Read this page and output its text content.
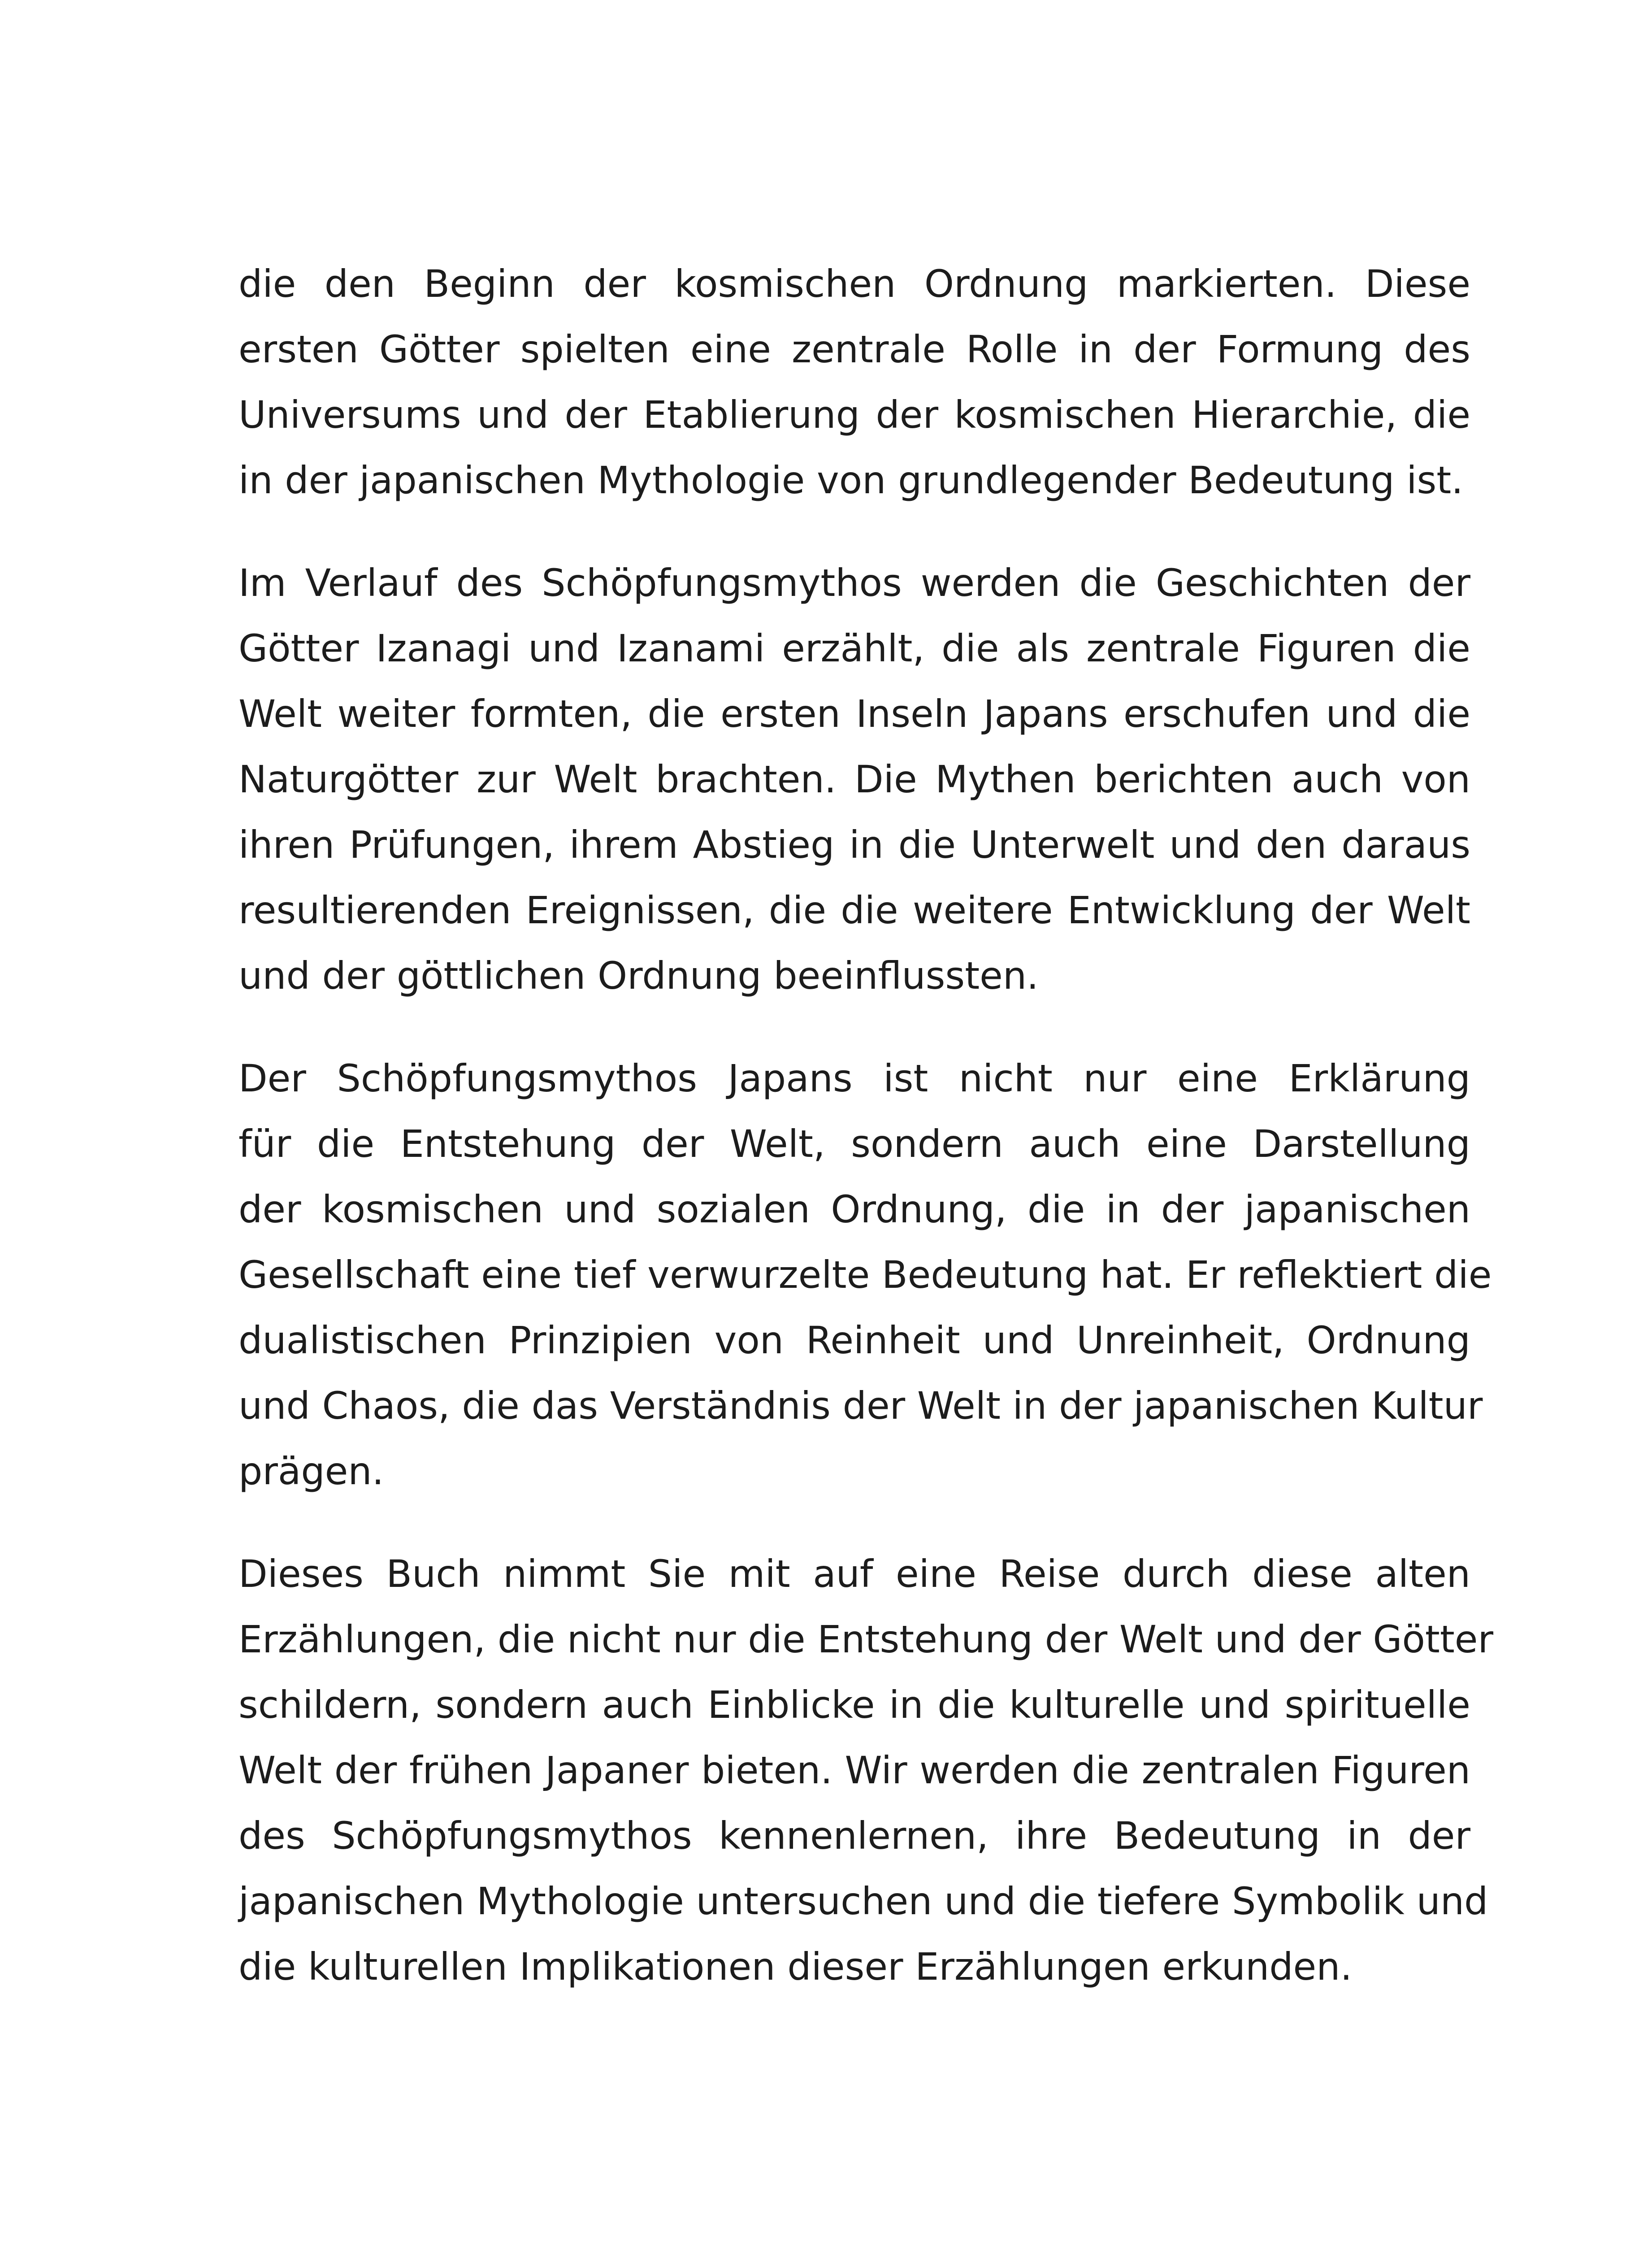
die den Beginn der kosmischen Ordnung markierten. Diese
ersten Götter spielten eine zentrale Rolle in der Formung des
Universums und der Etablierung der kosmischen Hierarchie, die
in der japanischen Mythologie von grundlegender Bedeutung ist.

Im Verlauf des Schöpfungsmythos werden die Geschichten der
Götter Izanagi und Izanami erzählt, die als zentrale Figuren die
Welt weiter formten, die ersten Inseln Japans erschufen und die
Naturgötter zur Welt brachten. Die Mythen berichten auch von
ihren Prüfungen, ihrem Abstieg in die Unterwelt und den daraus
resultierenden Ereignissen, die die weitere Entwicklung der Welt
und der göttlichen Ordnung beeinflussten.

Der Schöpfungsmythos Japans ist nicht nur eine Erklärung
für die Entstehung der Welt, sondern auch eine Darstellung
der kosmischen und sozialen Ordnung, die in der japanischen
Gesellschaft eine tief verwurzelte Bedeutung hat. Er reflektiert die
dualistischen Prinzipien von Reinheit und Unreinheit, Ordnung
und Chaos, die das Verständnis der Welt in der japanischen Kultur
prägen.

Dieses Buch nimmt Sie mit auf eine Reise durch diese alten
Erzählungen, die nicht nur die Entstehung der Welt und der Götter
schildern, sondern auch Einblicke in die kulturelle und spirituelle
Welt der frühen Japaner bieten. Wir werden die zentralen Figuren
des Schöpfungsmythos kennenlernen, ihre Bedeutung in der
japanischen Mythologie untersuchen und die tiefere Symbolik und
die kulturellen Implikationen dieser Erzählungen erkunden.
